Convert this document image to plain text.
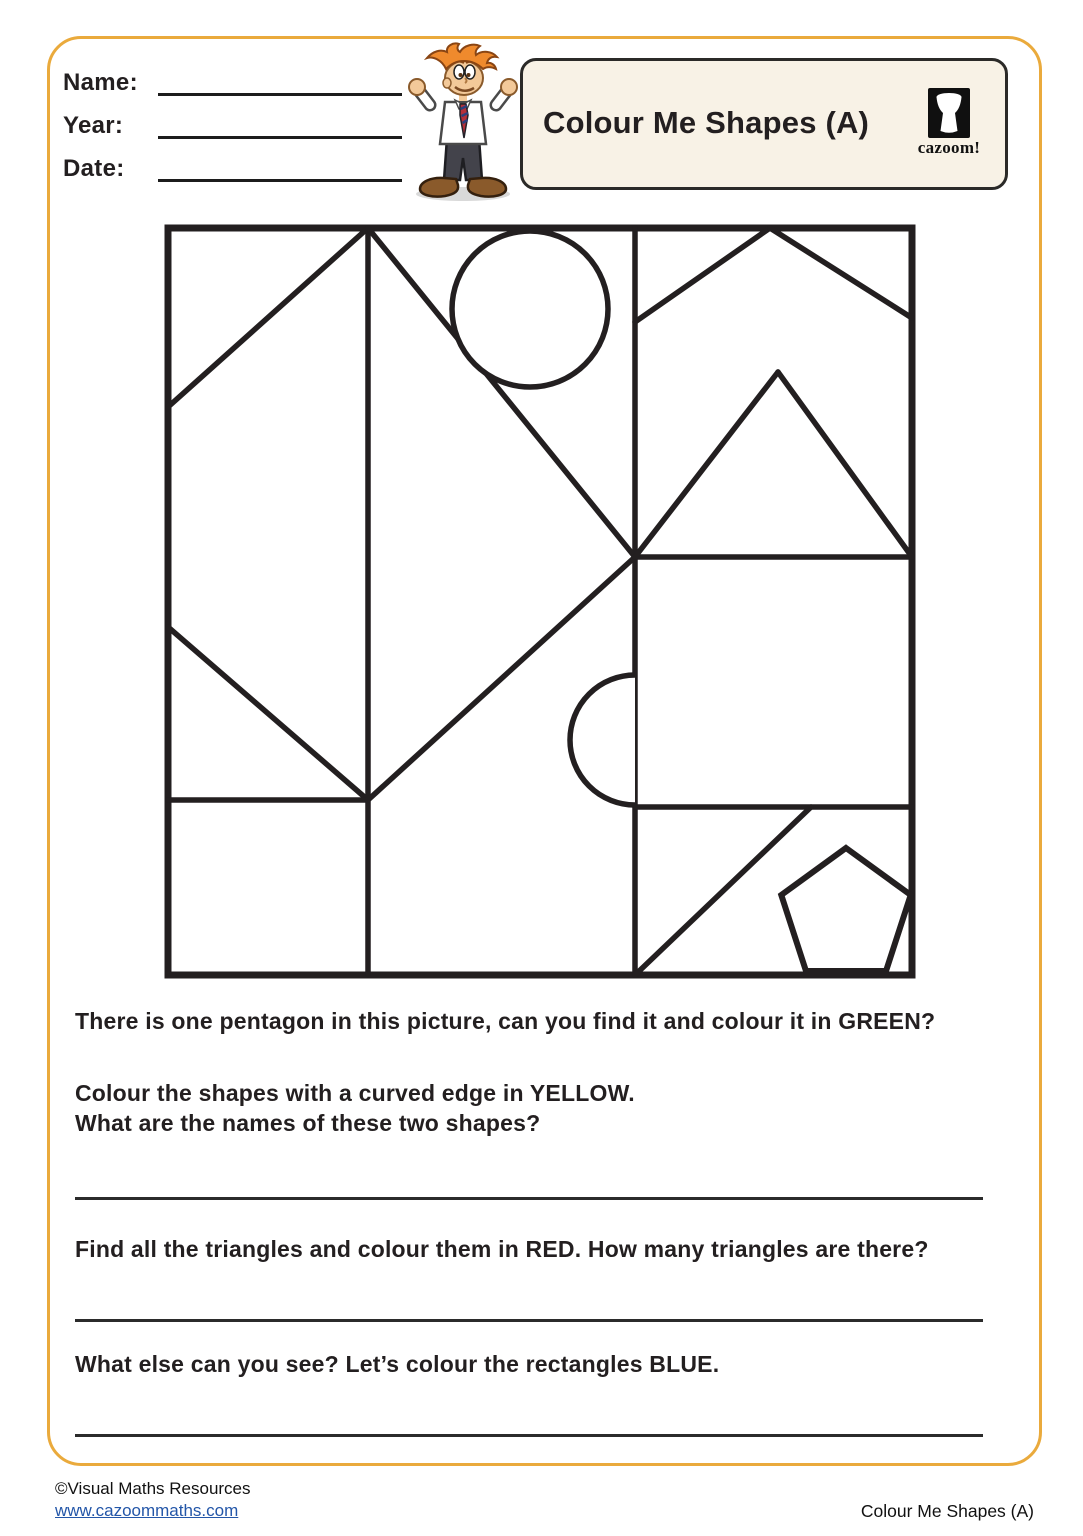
Name:
Year:
Date:
Colour Me Shapes (A)
cazoom!
There is one pentagon in this picture, can you find it and colour it in GREEN?
Colour the shapes with a curved edge in YELLOW.
What are the names of these two shapes?
Find all the triangles and colour them in RED. How many triangles are there?
What else can you see? Let’s colour the rectangles BLUE.
©Visual Maths Resources
www.cazoommaths.com	Colour Me Shapes (A)
